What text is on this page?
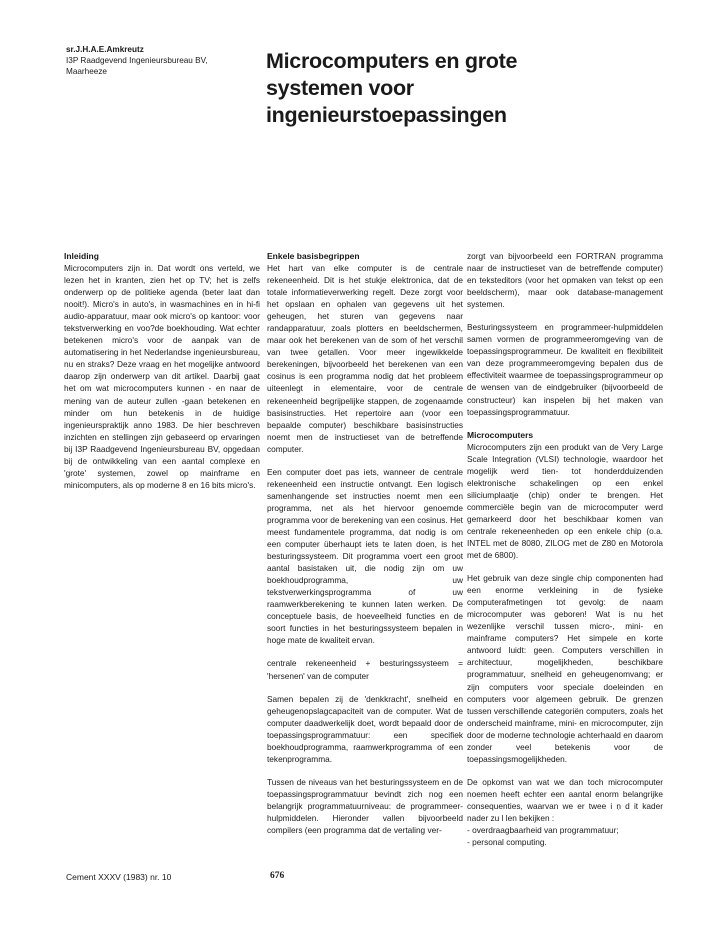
sr.J.H.A.E.Amkreutz
I3P Raadgevend Ingenieursbureau BV,
Maarheeze	Microcomputers en grote systemen voor ingenieurstoepassingen
Inleiding

Microcomputers zijn in. Dat wordt ons verteld, we lezen het in kranten, zien het op TV; het is zelfs onderwerp op de politieke agenda (beter laat dan nooit!). Micro's in auto's, in wasmachines en in hi-fi audio-apparatuur, maar ook micro's op kantoor: voor tekstverwerking en voo?de boekhouding. Wat echter betekenen micro's voor de aanpak van de automatisering in het Nederlandse ingenieursbureau, nu en straks? Deze vraag en het mogelijke antwoord daarop zijn onderwerp van dit artikel. Daarbij gaat het om wat microcomputers kunnen - en naar de mening van de auteur zullen -gaan betekenen en minder om hun betekenis in de huidige ingenieurspraktijk anno 1983. De hier beschreven inzichten en stellingen zijn gebaseerd op ervaringen bij I3P Raadgevend Ingenieursbureau BV, opgedaan bij de ontwikkeling van een aantal complexe en 'grote' systemen, zowel op mainframe en minicomputers, als op moderne 8 en 16 bits micro's.

Enkele basisbegrippen

Het hart van elke computer is de centrale rekeneenheid. Dit is het stukje elektronica, dat de totale informatieverwerking regelt. Deze zorgt voor het opslaan en ophalen van gegevens uit het geheugen, het sturen van gegevens naar randapparatuur, zoals plotters en beeldschermen, maar ook het berekenen van de som of het verschil van twee getallen. Voor meer ingewikkelde berekeningen, bijvoorbeeld het berekenen van een cosinus is een programma nodig dat het probleem uiteenlegt in elementaire, voor de centrale rekeneenheid begrijpelijke stappen, de zogenaamde basisinstructies. Het repertoire aan (voor een bepaalde computer) beschikbare basisinstructies noemt men de instructieset van de betreffende computer.

Een computer doet pas iets, wanneer de centrale rekeneenheid een instructie ontvangt. Een logisch samenhangende set instructies noemt men een programma, net als het hiervoor genoemde programma voor de berekening van een cosinus. Het meest fundamentele programma, dat nodig is om een computer überhaupt iets te laten doen, is het besturingssysteem. Dit programma voert een groot aantal basistaken uit, die nodig zijn om uw boekhoudprogramma, uw tekstverwerkingsprogramma of uw raamwerkberekening te kunnen laten werken. De conceptuele basis, de hoeveelheid functies en de soort functies in het besturingssysteem bepalen in hoge mate de kwaliteit ervan.

centrale rekeneenheid + besturingssysteem = 'hersenen' van de computer

Samen bepalen zij de 'denkkracht', snelheid en geheugenopslagcapaciteit van de computer. Wat de computer daadwerkelijk doet, wordt bepaald door de toepassingsprogrammatuur: een specifiek boekhoudprogramma, raamwerkprogramma of een tekenprogramma.

Tussen de niveaus van het besturingssysteem en de toepassingsprogrammatuur bevindt zich nog een belangrijk programmatuurniveau: de programmeer-hulpmiddelen. Hieronder vallen bijvoorbeeld compilers (een programma dat de vertaling ver-

zorgt van bijvoorbeeld een FORTRAN programma naar de instructieset van de betreffende computer) en teksteditors (voor het opmaken van tekst op een beeldscherm), maar ook database-management systemen.

Besturingssysteem en programmeer-hulpmiddelen samen vormen de programmeeromgeving van de toepassingsprogrammeur. De kwaliteit en flexibiliteit van deze programmeeromgeving bepalen dus de effectiviteit waarmee de toepassingsprogrammeur op de wensen van de eindgebruiker (bijvoorbeeld de constructeur) kan inspelen bij het maken van toepassingsprogrammatuur.

Microcomputers

Microcomputers zijn een produkt van de Very Large Scale Integration (VLSI) technologie, waardoor het mogelijk werd tien- tot honderdduizenden elektronische schakelingen op een enkel siliciumplaatje (chip) onder te brengen. Het commerciële begin van de microcomputer werd gemarkeerd door het beschikbaar komen van centrale rekeneenheden op een enkele chip (o.a. INTEL met de 8080, ZILOG met de Z80 en Motorola met de 6800).

Het gebruik van deze single chip componenten had een enorme verkleining in de fysieke computerafmetingen tot gevolg: de naam microcomputer was geboren! Wat is nu het wezenlijke verschil tussen micro-, mini- en mainframe computers? Het simpele en korte antwoord luidt: geen. Computers verschillen in architectuur, mogelijkheden, beschikbare programmatuur, snelheid en geheugenomvang; er zijn computers voor speciale doeleinden en computers voor algemeen gebruik. De grenzen tussen verschillende categoriën computers, zoals het onderscheid mainframe, mini- en microcomputer, zijn door de moderne technologie achterhaald en daarom zonder veel betekenis voor de toepassingsmogelijkheden.

De opkomst van wat we dan toch microcomputer noemen heeft echter een aantal enorm belangrijke consequenties, waarvan we er twee i ṇ d it kader nader zu l len bekijken :

- overdraagbaarheid van programmatuur;
- personal computing.
Cement XXXV (1983) nr. 10	676
